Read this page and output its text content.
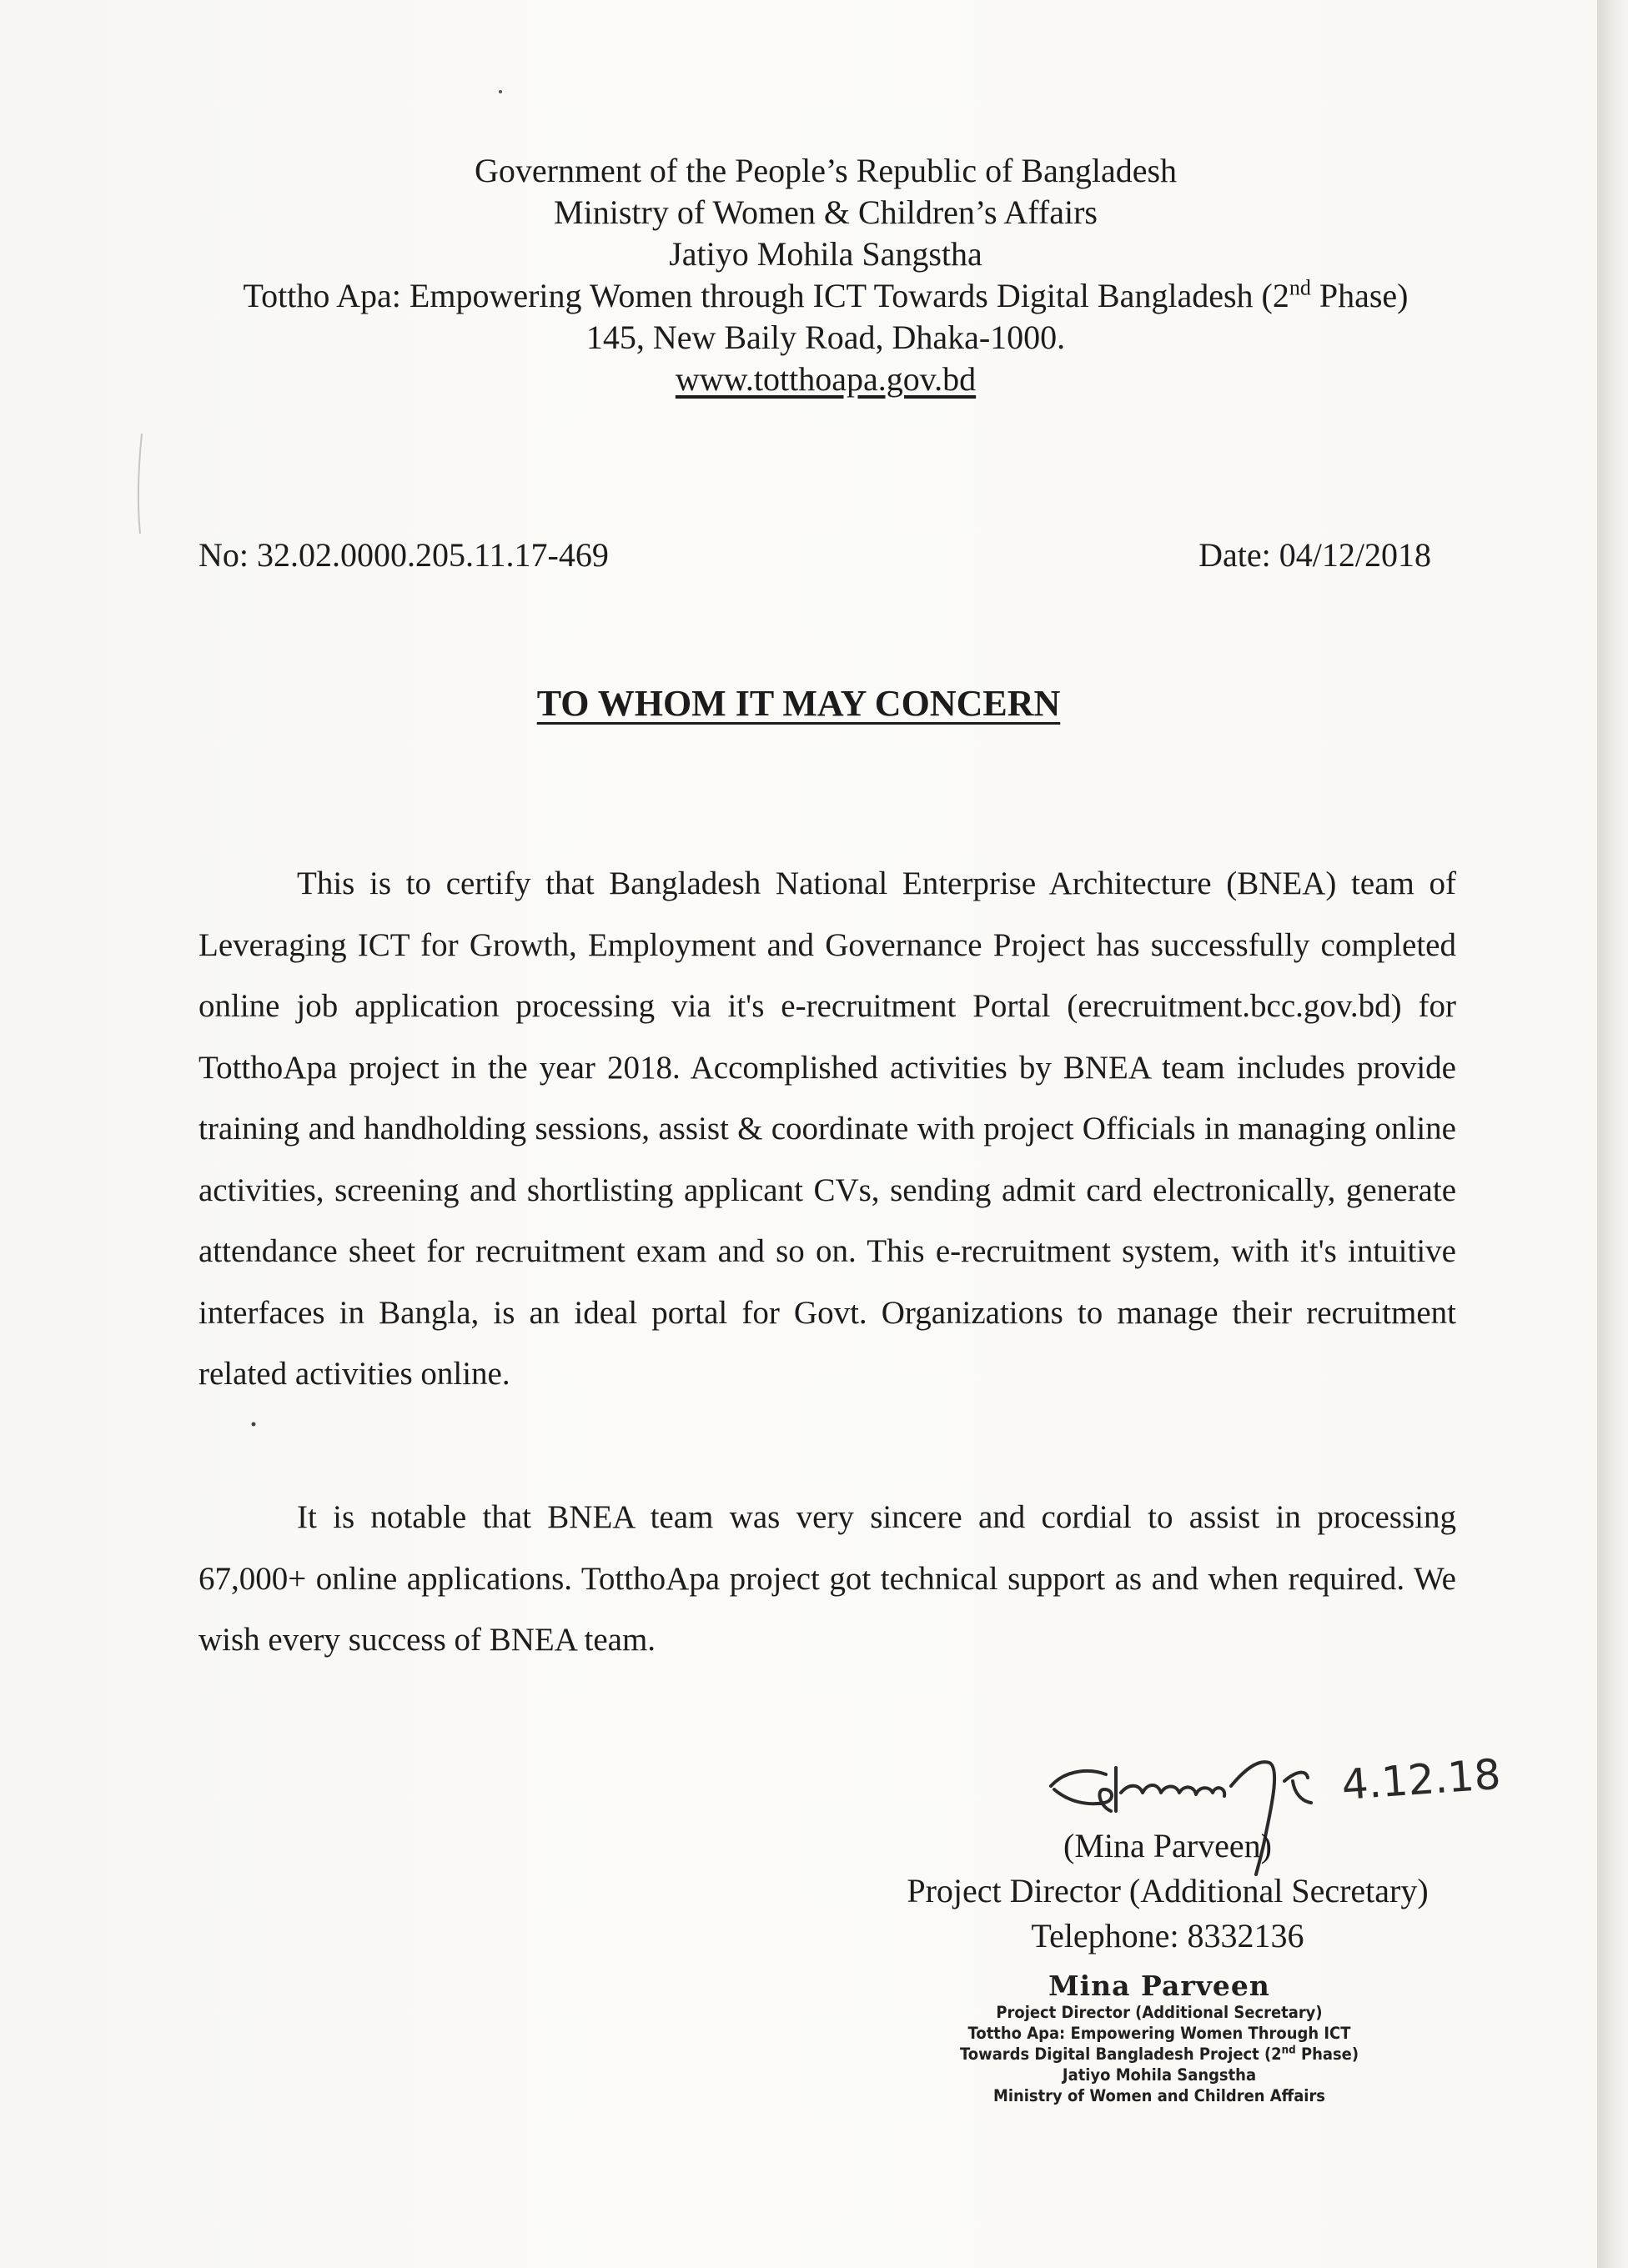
Government of the People’s Republic of Bangladesh
Ministry of Women & Children’s Affairs
Jatiyo Mohila Sangstha
Tottho Apa: Empowering Women through ICT Towards Digital Bangladesh (2nd Phase)
145, New Baily Road, Dhaka-1000.
www.totthoapa.gov.bd
No: 32.02.0000.205.11.17-469	Date: 04/12/2018
TO WHOM IT MAY CONCERN

This is to certify that Bangladesh National Enterprise Architecture (BNEA) team of Leveraging ICT for Growth, Employment and Governance Project has successfully completed online job application processing via it's e-recruitment Portal (erecruitment.bcc.gov.bd) for TotthoApa project in the year 2018. Accomplished activities by BNEA team includes provide training and handholding sessions, assist & coordinate with project Officials in managing online activities, screening and shortlisting applicant CVs, sending admit card electronically, generate attendance sheet for recruitment exam and so on. This e-recruitment system, with it's intuitive interfaces in Bangla, is an ideal portal for Govt. Organizations to manage their recruitment related activities online.

It is notable that BNEA team was very sincere and cordial to assist in processing 67,000+ online applications. TotthoApa project got technical support as and when required. We wish every success of BNEA team.

4.12.18
(Mina Parveen)
Project Director (Additional Secretary)
Telephone: 8332136
Mina Parveen
Project Director (Additional Secretary)
Tottho Apa: Empowering Women Through ICT
Towards Digital Bangladesh Project (2nd Phase)
Jatiyo Mohila Sangstha
Ministry of Women and Children Affairs
